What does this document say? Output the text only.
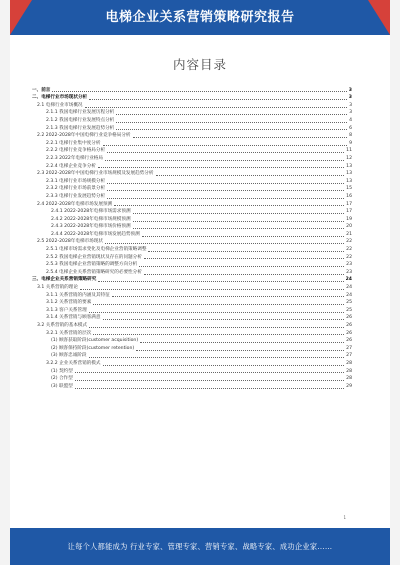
电梯企业关系营销策略研究报告
内容目录
一、前言	3
二、电梯行业市场现状分析	3
2.1 电梯行业市场概况	3
2.1.1 我国电梯行业发展历程分析	3
2.1.2 我国电梯行业发展特点分析	4
2.1.3 我国电梯行业发展趋势分析	6
2.2 2022-2028年中国电梯行业竞争格局分析	8
2.2.1 电梯行业集中度分析	9
2.2.2 电梯行业竞争格局分析	11
2.2.3 2022年电梯行业格局	12
2.2.4 电梯企业竞争分析	13
2.3 2022-2028年中国电梯行业市场规模及发展趋势分析	13
2.3.1 电梯行业市场规模分析	13
2.3.2 电梯行业市场前景分析	15
2.3.3 电梯行业发展趋势分析	16
2.4 2022-2028年电梯市场发展预测	17
2.4.1 2022-2028年电梯市场需求预测	17
2.4.2 2022-2028年电梯市场规模预测	19
2.4.3 2022-2028年电梯市场价格预测	20
2.4.4 2022-2028年电梯市场发展趋势预测	21
2.5 2022-2028年电梯市场现状	22
2.5.1 电梯市场需求变化及电梯企业营销策略调整	22
2.5.2 我国电梯企业营销现状及存在的问题分析	22
2.5.3 我国电梯企业营销策略的调整方向分析	23
2.5.4 电梯企业关系营销策略研究的必要性分析	23
三、电梯企业关系营销策略研究	24
3.1 关系营销的理论	24
3.1.1 关系营销的内涵及其特征	24
3.1.2 关系营销的要素	25
3.1.3 客户关系管理	25
3.1.4 关系营销与顾客满意	26
3.2 关系营销的基本模式	26
3.2.1 关系营销的层次	26
(1) 顾客获取阶段(customer acquisition)	26
(2) 顾客保持阶段(customer retention)	27
(3) 顾客忠诚阶段	27
3.2.2 企业关系营销的模式	28
(1) 契约型	28
(2) 合作型	28
(3) 联盟型	29
1
让每个人都能成为 行业专家、管理专家、营销专家、战略专家、成功企业家……
